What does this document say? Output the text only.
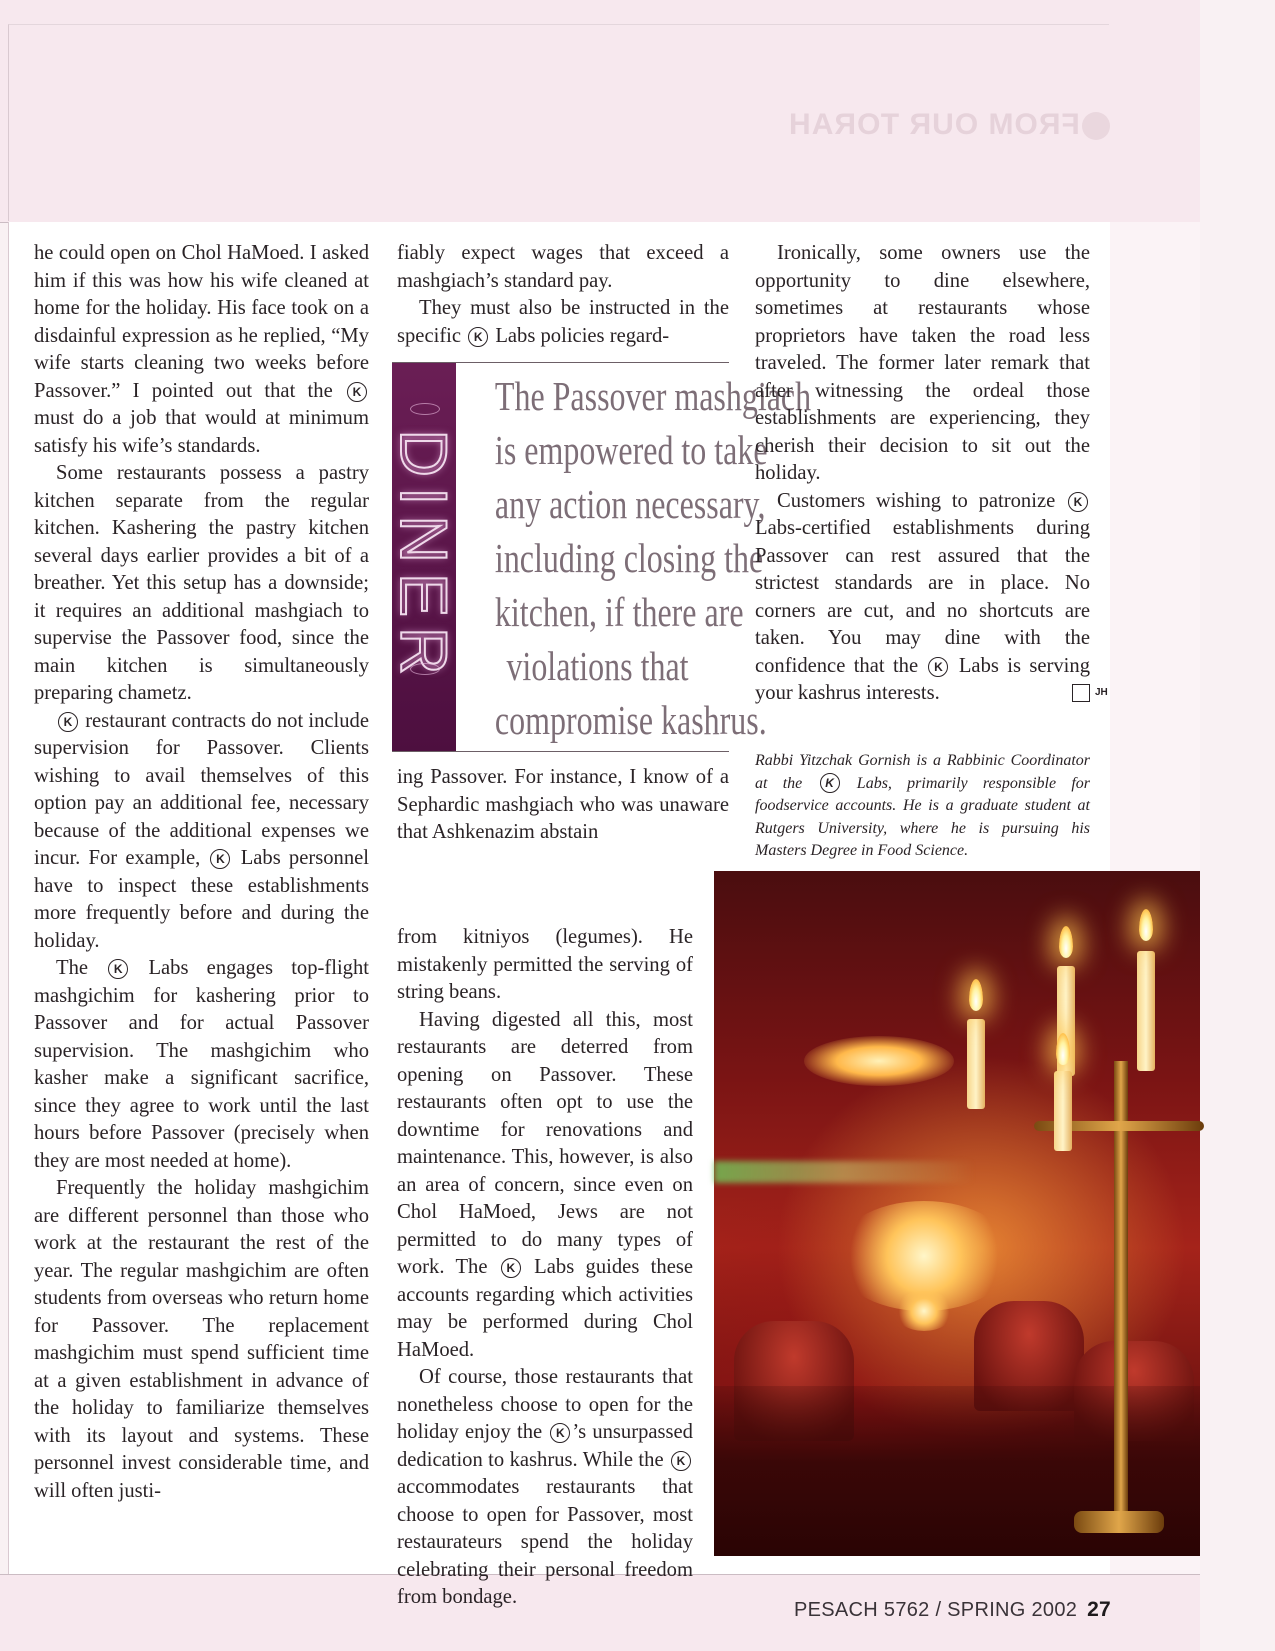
FROM OUR TORAH

he could open on Chol HaMoed. I asked him if this was how his wife cleaned at home for the holiday. His face took on a disdainful expression as he replied, “My wife starts cleaning two weeks before Passover.” I pointed out that the K must do a job that would at minimum satisfy his wife’s standards.

Some restaurants possess a pastry kitchen separate from the regular kitchen. Kashering the pastry kitchen several days earlier provides a bit of a breather. Yet this setup has a downside; it requires an additional mashgiach to supervise the Passover food, since the main kitchen is simultaneously preparing chametz.

K restaurant contracts do not include supervision for Passover. Clients wishing to avail themselves of this option pay an additional fee, necessary because of the additional expenses we incur. For example, K Labs personnel have to inspect these establishments more frequently before and during the holiday.

The K Labs engages top-flight mashgichim for kashering prior to Passover and for actual Passover supervision. The mashgichim who kasher make a significant sacrifice, since they agree to work until the last hours before Passover (precisely when they are most needed at home).

Frequently the holiday mashgichim are different personnel than those who work at the restaurant the rest of the year. The regular mashgichim are often students from overseas who return home for Passover. The replacement mashgichim must spend sufficient time at a given establishment in advance of the holiday to familiarize themselves with its layout and systems. These personnel invest considerable time, and will often justi-

fiably expect wages that exceed a mashgiach’s standard pay.

They must also be instructed in the specific K Labs policies regard-

DINER
The Passover mashgiach
is empowered to take
any action necessary,
including closing the
kitchen, if there are
violations that
compromise kashrus.

ing Passover. For instance, I know of a Sephardic mashgiach who was unaware that Ashkenazim abstain

from kitniyos (legumes). He mistakenly permitted the serving of string beans.

Having digested all this, most restaurants are deterred from opening on Passover. These restaurants often opt to use the downtime for renovations and maintenance. This, however, is also an area of concern, since even on Chol HaMoed, Jews are not permitted to do many types of work. The K Labs guides these accounts regarding which activities may be performed during Chol HaMoed.

Of course, those restaurants that nonetheless choose to open for the holiday enjoy the K ’s unsurpassed dedication to kashrus. While the K accommodates restaurants that choose to open for Passover, most restaurateurs spend the holiday celebrating their personal freedom from bondage.

Ironically, some owners use the opportunity to dine elsewhere, sometimes at restaurants whose proprietors have taken the road less traveled. The former later remark that after witnessing the ordeal those establishments are experiencing, they cherish their decision to sit out the holiday.

Customers wishing to patronize K Labs-certified establishments during Passover can rest assured that the strictest standards are in place. No corners are cut, and no shortcuts are taken. You may dine with the confidence that the K Labs is serving your kashrus interests.	JH

Rabbi Yitzchak Gornish is a Rabbinic Coordinator at the K Labs, primarily responsible for foodservice accounts. He is a graduate student at Rutgers University, where he is pursuing his Masters Degree in Food Science.

PESACH 5762 / SPRING 2002 27
